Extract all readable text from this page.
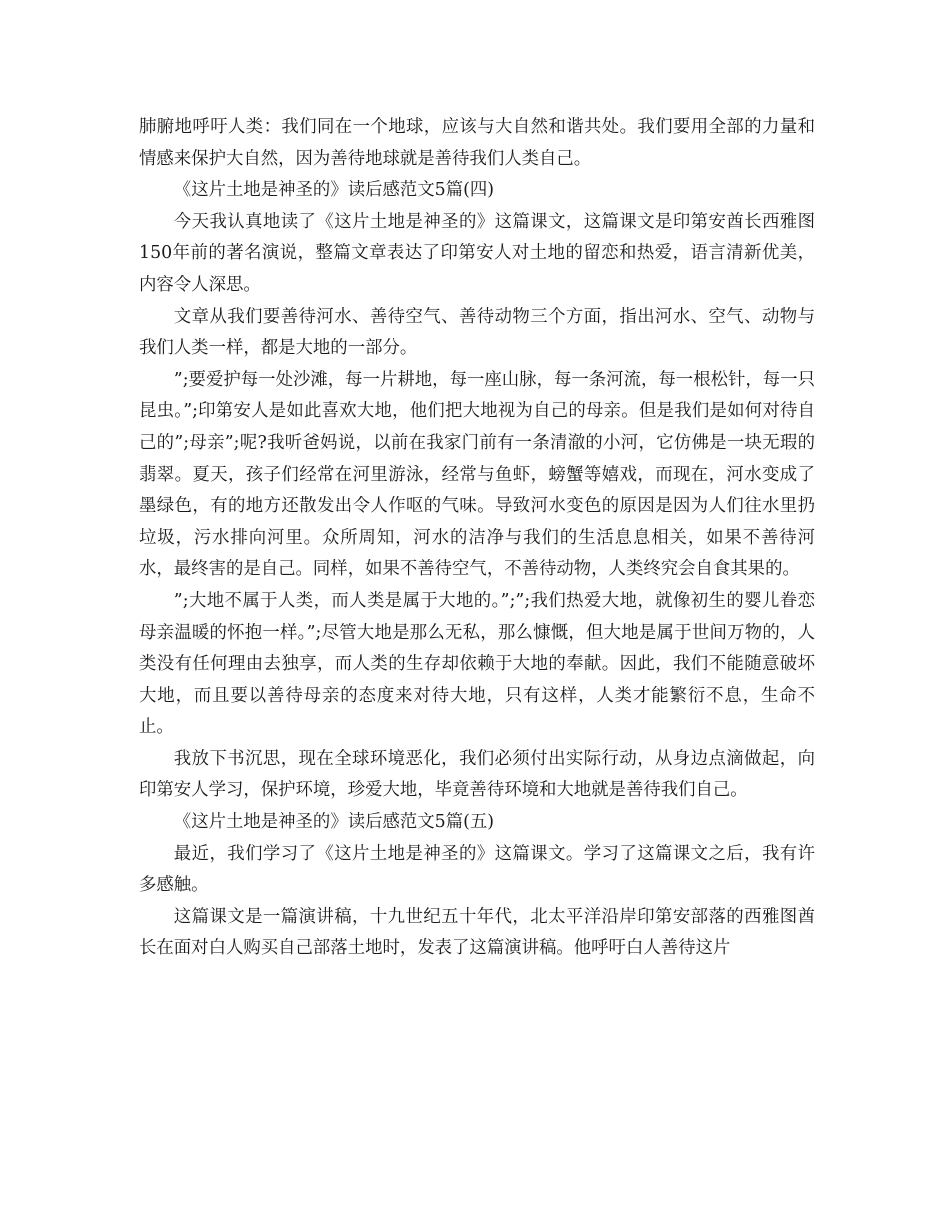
肺腑地呼吁人类：我们同在一个地球，应该与大自然和谐共处。我们要用全部的力量和情感来保护大自然，因为善待地球就是善待我们人类自己。

《这片土地是神圣的》读后感范文5篇(四)

今天我认真地读了《这片土地是神圣的》这篇课文，这篇课文是印第安酋长西雅图150年前的著名演说，整篇文章表达了印第安人对土地的留恋和热爱，语言清新优美，内容令人深思。

文章从我们要善待河水、善待空气、善待动物三个方面，指出河水、空气、动物与我们人类一样，都是大地的一部分。

”;要爱护每一处沙滩，每一片耕地，每一座山脉，每一条河流，每一根松针，每一只昆虫。”;印第安人是如此喜欢大地，他们把大地视为自己的母亲。但是我们是如何对待自己的”;母亲”;呢?我听爸妈说，以前在我家门前有一条清澈的小河，它仿佛是一块无瑕的翡翠。夏天，孩子们经常在河里游泳，经常与鱼虾，螃蟹等嬉戏，而现在，河水变成了墨绿色，有的地方还散发出令人作呕的气味。导致河水变色的原因是因为人们往水里扔垃圾，污水排向河里。众所周知，河水的洁净与我们的生活息息相关，如果不善待河水，最终害的是自己。同样，如果不善待空气，不善待动物，人类终究会自食其果的。

”;大地不属于人类，而人类是属于大地的。”;”;我们热爱大地，就像初生的婴儿眷恋母亲温暖的怀抱一样。”;尽管大地是那么无私，那么慷慨，但大地是属于世间万物的，人类没有任何理由去独享，而人类的生存却依赖于大地的奉献。因此，我们不能随意破坏大地，而且要以善待母亲的态度来对待大地，只有这样，人类才能繁衍不息，生命不止。

我放下书沉思，现在全球环境恶化，我们必须付出实际行动，从身边点滴做起，向印第安人学习，保护环境，珍爱大地，毕竟善待环境和大地就是善待我们自己。

《这片土地是神圣的》读后感范文5篇(五)

最近，我们学习了《这片土地是神圣的》这篇课文。学习了这篇课文之后，我有许多感触。

这篇课文是一篇演讲稿，十九世纪五十年代，北太平洋沿岸印第安部落的西雅图酋长在面对白人购买自己部落土地时，发表了这篇演讲稿。他呼吁白人善待这片
